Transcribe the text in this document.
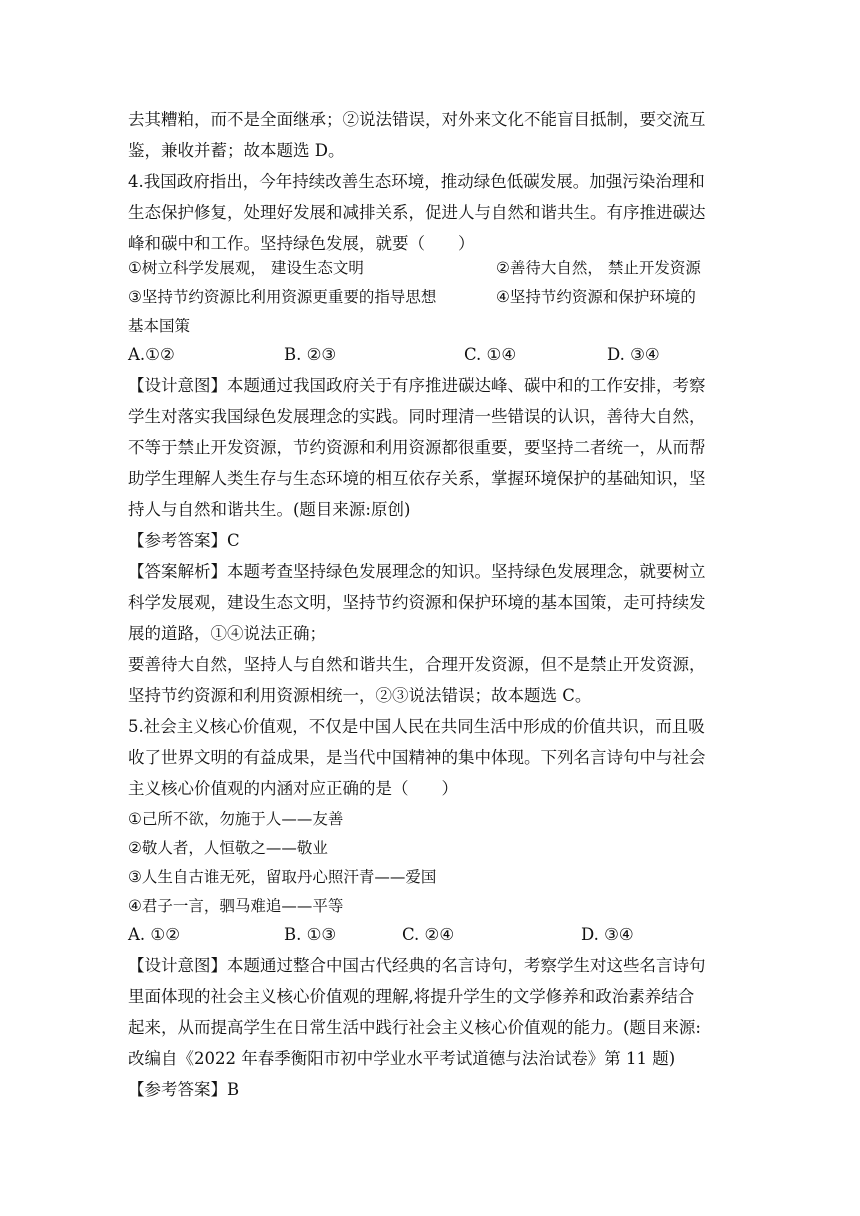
去其糟粕，而不是全面继承；②说法错误，对外来文化不能盲目抵制，要交流互
鉴，兼收并蓄；故本题选 D。
4.我国政府指出，今年持续改善生态环境，推动绿色低碳发展。加强污染治理和
生态保护修复，处理好发展和减排关系，促进人与自然和谐共生。有序推进碳达
峰和碳中和工作。坚持绿色发展，就要（　　）
①树立科学发展观， 建设生态文明	②善待大自然， 禁止开发资源
③坚持节约资源比利用资源更重要的指导思想	④坚持节约资源和保护环境的
基本国策
A.①②	B. ②③	C. ①④	D. ③④
【设计意图】本题通过我国政府关于有序推进碳达峰、碳中和的工作安排，考察
学生对落实我国绿色发展理念的实践。同时理清一些错误的认识，善待大自然，
不等于禁止开发资源，节约资源和利用资源都很重要，要坚持二者统一，从而帮
助学生理解人类生存与生态环境的相互依存关系，掌握环境保护的基础知识，坚
持人与自然和谐共生。(题目来源:原创)
【参考答案】C
【答案解析】本题考查坚持绿色发展理念的知识。坚持绿色发展理念，就要树立
科学发展观，建设生态文明，坚持节约资源和保护环境的基本国策，走可持续发
展的道路，①④说法正确；
要善待大自然，坚持人与自然和谐共生，合理开发资源，但不是禁止开发资源，
坚持节约资源和利用资源相统一，②③说法错误；故本题选 C。
5.社会主义核心价值观，不仅是中国人民在共同生活中形成的价值共识，而且吸
收了世界文明的有益成果，是当代中国精神的集中体现。下列名言诗句中与社会
主义核心价值观的内涵对应正确的是（　　）
①己所不欲，勿施于人——友善
②敬人者，人恒敬之——敬业
③人生自古谁无死，留取丹心照汗青——爱国
④君子一言，驷马难追——平等
A. ①②	B. ①③	C. ②④	D. ③④
【设计意图】本题通过整合中国古代经典的名言诗句，考察学生对这些名言诗句
里面体现的社会主义核心价值观的理解,将提升学生的文学修养和政治素养结合
起来，从而提高学生在日常生活中践行社会主义核心价值观的能力。(题目来源:
改编自《2022 年春季衡阳市初中学业水平考试道德与法治试卷》第 11 题)
【参考答案】B
